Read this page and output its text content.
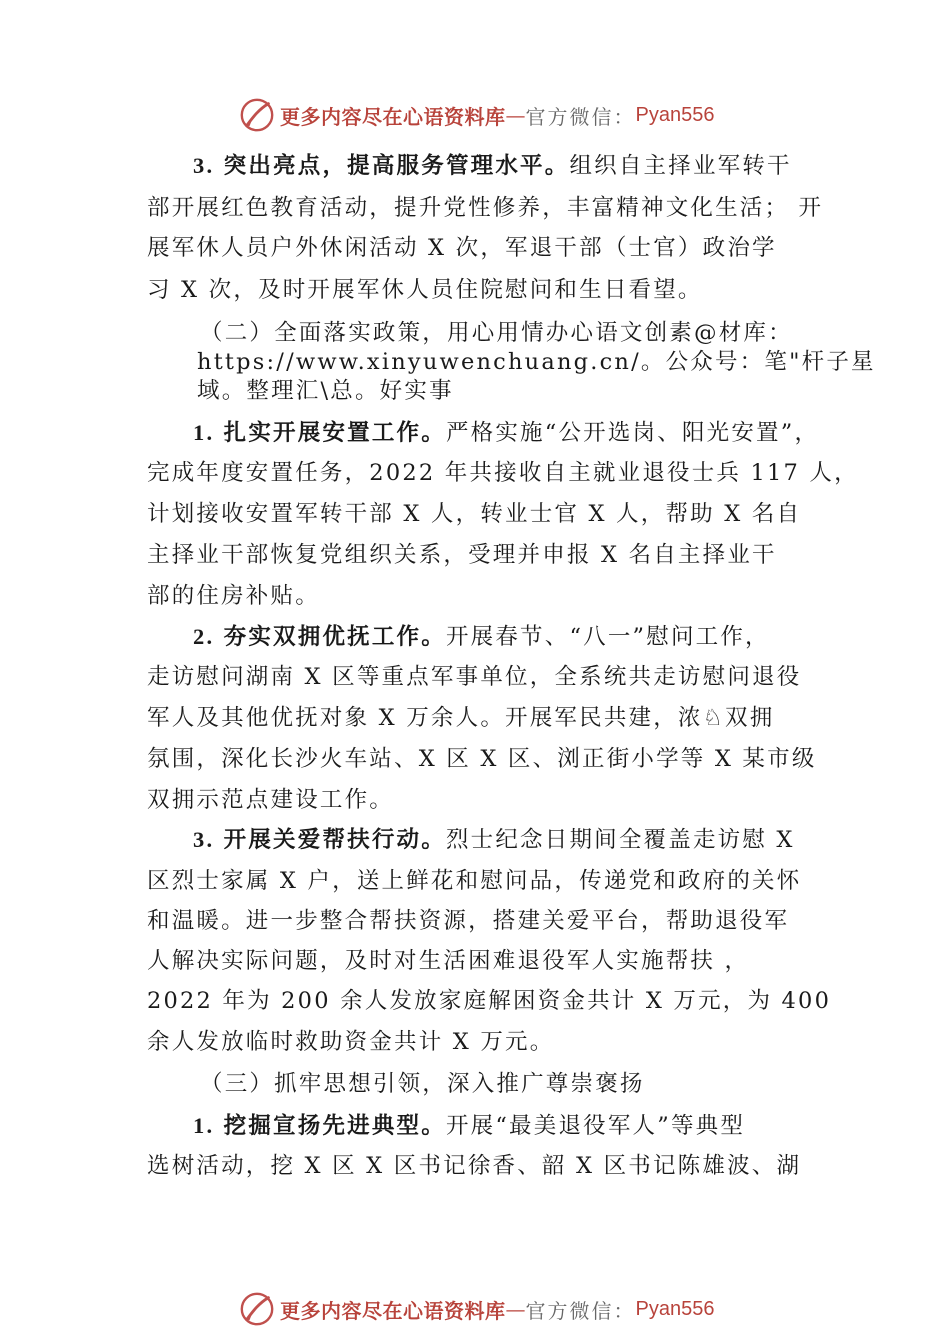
更多内容尽在心语资料库 — 官方微信： Pyan556
3. 突出亮点，提高服务管理水平。组织自主择业军转干
部开展红色教育活动，提升党性修养，丰富精神文化生活； 开
展军休人员户外休闲活动 X 次，军退干部（士官）政治学
习 X 次，及时开展军休人员住院慰问和生日看望。
（二）全面落实政策，用心用情办心语文创素@材库：
https://www.xinyuwenchuang.cn/。公众号：笔"杆子星
域。整理汇\总。好实事
1. 扎实开展安置工作。严格实施“公开选岗、阳光安置”，
完成年度安置任务，2022 年共接收自主就业退役士兵 117 人，
计划接收安置军转干部 X 人，转业士官 X 人，帮助 X 名自
主择业干部恢复党组织关系，受理并申报 X 名自主择业干
部的住房补贴。
2. 夯实双拥优抚工作。开展春节、“八一”慰问工作，
走访慰问湖南 X 区等重点军事单位，全系统共走访慰问退役
军人及其他优抚对象 X 万余人。开展军民共建，浓♘双拥
氛围，深化长沙火车站、X 区 X 区、浏正街小学等 X 某市级
双拥示范点建设工作。
3. 开展关爱帮扶行动。烈士纪念日期间全覆盖走访慰 X
区烈士家属 X 户，送上鲜花和慰问品，传递党和政府的关怀
和温暖。进一步整合帮扶资源，搭建关爱平台，帮助退役军
人解决实际问题，及时对生活困难退役军人实施帮扶 ，
2022 年为 200 余人发放家庭解困资金共计 X 万元，为 400
余人发放临时救助资金共计 X 万元。
（三）抓牢思想引领，深入推广尊崇褒扬
1. 挖掘宣扬先进典型。开展“最美退役军人”等典型
选树活动，挖 X 区 X 区书记徐香、韶 X 区书记陈雄波、湖
更多内容尽在心语资料库 — 官方微信： Pyan556
